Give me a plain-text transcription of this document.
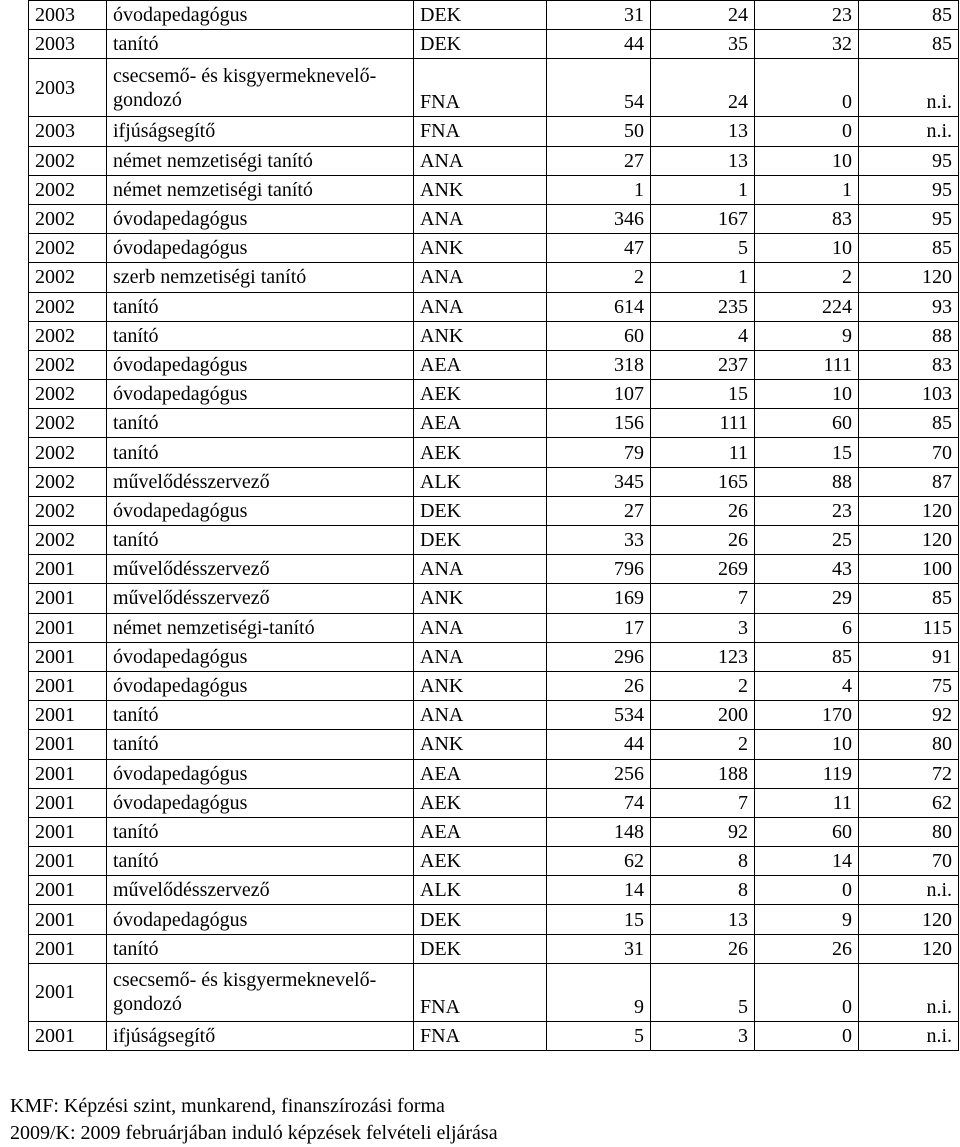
2003	óvodapedagógus	DEK	31	24	23	85
2003	tanító	DEK	44	35	32	85
2003	csecsemő- és kisgyermeknevelő-gondozó	FNA	54	24	0	n.i.
2003	ifjúságsegítő	FNA	50	13	0	n.i.
2002	német nemzetiségi tanító	ANA	27	13	10	95
2002	német nemzetiségi tanító	ANK	1	1	1	95
2002	óvodapedagógus	ANA	346	167	83	95
2002	óvodapedagógus	ANK	47	5	10	85
2002	szerb nemzetiségi tanító	ANA	2	1	2	120
2002	tanító	ANA	614	235	224	93
2002	tanító	ANK	60	4	9	88
2002	óvodapedagógus	AEA	318	237	111	83
2002	óvodapedagógus	AEK	107	15	10	103
2002	tanító	AEA	156	111	60	85
2002	tanító	AEK	79	11	15	70
2002	művelődésszervező	ALK	345	165	88	87
2002	óvodapedagógus	DEK	27	26	23	120
2002	tanító	DEK	33	26	25	120
2001	művelődésszervező	ANA	796	269	43	100
2001	művelődésszervező	ANK	169	7	29	85
2001	német nemzetiségi-tanító	ANA	17	3	6	115
2001	óvodapedagógus	ANA	296	123	85	91
2001	óvodapedagógus	ANK	26	2	4	75
2001	tanító	ANA	534	200	170	92
2001	tanító	ANK	44	2	10	80
2001	óvodapedagógus	AEA	256	188	119	72
2001	óvodapedagógus	AEK	74	7	11	62
2001	tanító	AEA	148	92	60	80
2001	tanító	AEK	62	8	14	70
2001	művelődésszervező	ALK	14	8	0	n.i.
2001	óvodapedagógus	DEK	15	13	9	120
2001	tanító	DEK	31	26	26	120
2001	csecsemő- és kisgyermeknevelő- gondozó	FNA	9	5	0	n.i.
2001	ifjúságsegítő	FNA	5	3	0	n.i.
KMF: Képzési szint, munkarend, finanszírozási forma
2009/K: 2009 februárjában induló képzések felvételi eljárása
